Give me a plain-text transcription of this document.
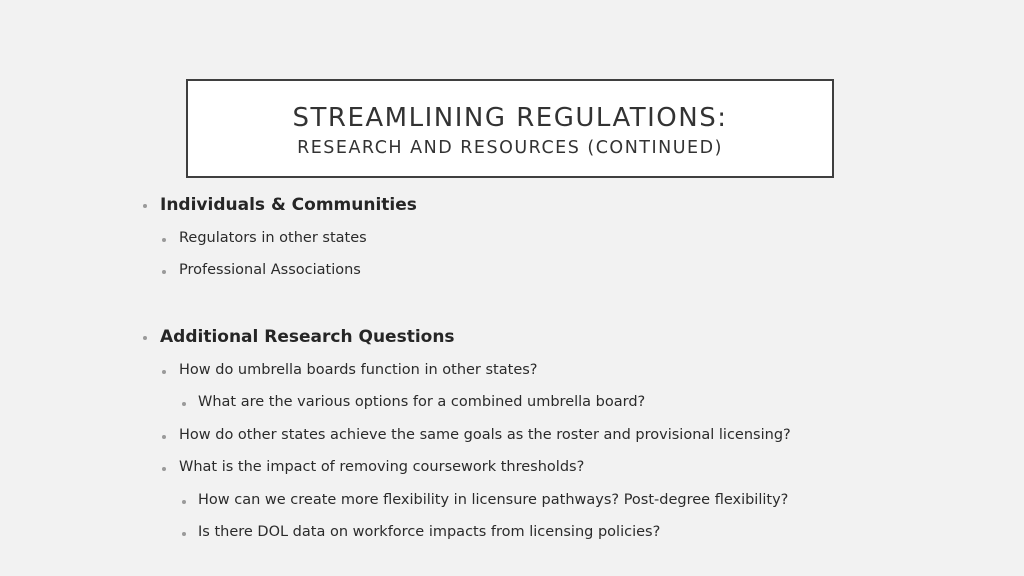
STREAMLINING REGULATIONS:
RESEARCH AND RESOURCES (CONTINUED)
Individuals & Communities
Regulators in other states
Professional Associations
Additional Research Questions
How do umbrella boards function in other states?
What are the various options for a combined umbrella board?
How do other states achieve the same goals as the roster and provisional licensing?
What is the impact of removing coursework thresholds?
How can we create more flexibility in licensure pathways? Post-degree flexibility?
Is there DOL data on workforce impacts from licensing policies?
